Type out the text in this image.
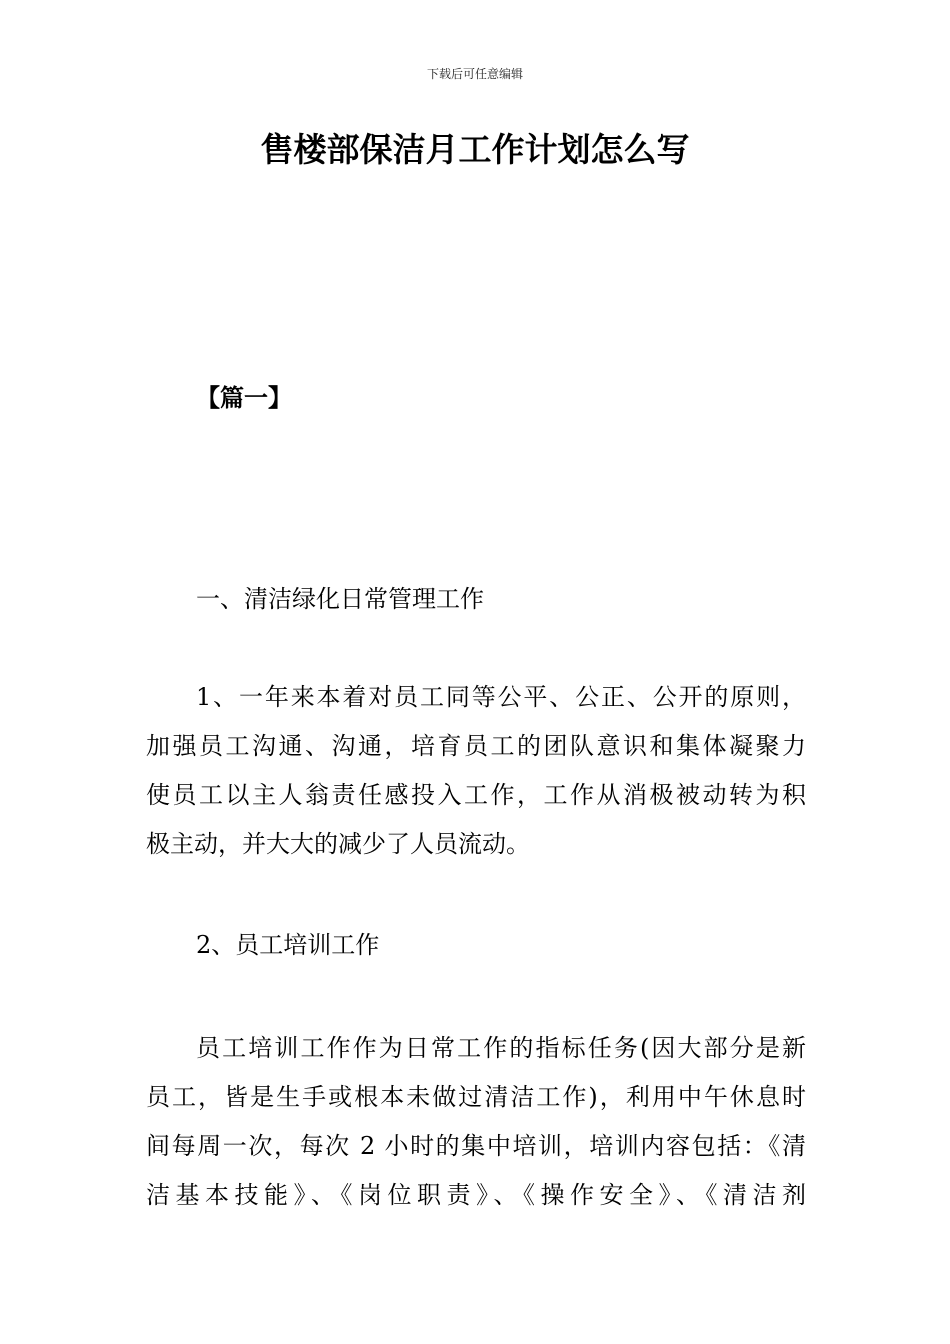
下载后可任意编辑
售楼部保洁月工作计划怎么写
【篇一】
一、清洁绿化日常管理工作
1、一年来本着对员工同等公平、公正、公开的原则，
加强员工沟通、沟通，培育员工的团队意识和集体凝聚力
使员工以主人翁责任感投入工作，工作从消极被动转为积
极主动，并大大的减少了人员流动。
2、员工培训工作
员工培训工作作为日常工作的指标任务(因大部分是新
员工，皆是生手或根本未做过清洁工作)，利用中午休息时
间每周一次，每次 2 小时的集中培训，培训内容包括：《清
洁基本技能》、《岗位职责》、《操作安全》、《清洁剂
